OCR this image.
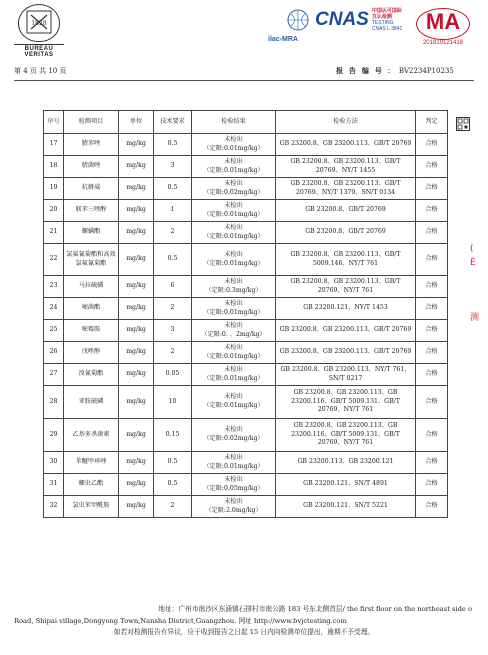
1828
BUREAU
VERITAS
ilac-MRA
CNAS 中国认可国际
互认检测
TESTING
CNAS L 3841	MA
201819121418
第 4 页 共 10 页	报 告 编 号 : BV2234P10235
(
Ѐ
测
序号	检测项目	单位	技术要求	检验结果	检验方法	判定
17	腈苯唑	mg/kg	0.5	未检出
（定限:0.01mg/kg）	GB 23200.8、GB 23200.113、GB/T 20769	合格
18	腈菌唑	mg/kg	3	未检出
（定限:0.01mg/kg）	GB 23200.8、GB 23200.113、GB/T 20769、NY/T 1455	合格
19	抗蚜威	mg/kg	0.5	未检出
（定限:0.02mg/kg）	GB 23200.8、GB 23200.113、GB/T 20769、NY/T 1379、SN/T 0134	合格
20	联苯三唑醇	mg/kg	1	未检出
（定限:0.01mg/kg）	GB 23200.8、GB/T 20769	合格
21	螺螨酯	mg/kg	2	未检出
（定限:0.01mg/kg）	GB 23200.8、GB/T 20769	合格
22	氯氟氰菊酯和高效氯氟氰菊酯	mg/kg	0.5	未检出
（定限:0.01mg/kg）	GB 23200.8、GB 23200.113、GB/T 5009.146、NY/T 761	合格
23	马拉硫磷	mg/kg	6	未检出
（定限:0.3mg/kg）	GB 23200.8、GB 23200.113、GB/T 20769、NY/T 761	合格
24	嘧菌酯	mg/kg	2	未检出
（定限:0.01mg/kg）	GB 23200.121、NY/T 1453	合格
25	嘧霉胺	mg/kg	3	未检出
（定限:0. 、2mg/kg）	GB 23200.8、GB 23200.113、GB/T 20769	合格
26	戊唑醇	mg/kg	2	未检出
（定限:0.01mg/kg）	GB 23200.8、GB 23200.113、GB/T 20769	合格
27	溴氰菊酯	mg/kg	0.05	未检出
（定限:0.01mg/kg）	GB 23200.8、GB 23200.113、NY/T 761、SN/T 0217	合格
28	亚胺硫磷	mg/kg	10	未检出
（定限:0.01mg/kg）	GB 23200.8、GB 23200.113、GB 23200.116、GB/T 5009.131、GB/T 20769、NY/T 761	合格
29	乙基多杀菌素	mg/kg	0.15	未检出
（定限:0.02mg/kg）	GB 23200.8、GB 23200.113、GB 23200.116、GB/T 5009.131、GB/T 20769、NY/T 761	合格
30	苯醚甲环唑	mg/kg	0.5	未检出
（定限:0.01mg/kg）	GB 23200.113、GB 23200.121	合格
31	螺虫乙酯	mg/kg	0.5	未检出
（定限:0.05mg/kg）	GB 23200.121、SN/T 4891	合格
32	氯虫苯甲酰胺	mg/kg	2	未检出
（定限:2.0mg/kg）	GB 23200.121、SN/T 5221	合格
地址：广州市南沙区东涌镇石排村市南公路 183 号东北侧首层/ the first floor on the northeast side o
Road, Shipai village,Dongyong Town,Nansha District,Guangzhou. 网址 http://www.bvjctesting.com
如若对检测报告有异议，应于收到报告之日起 15 日内向检测单位提出，逾期不予受理。
